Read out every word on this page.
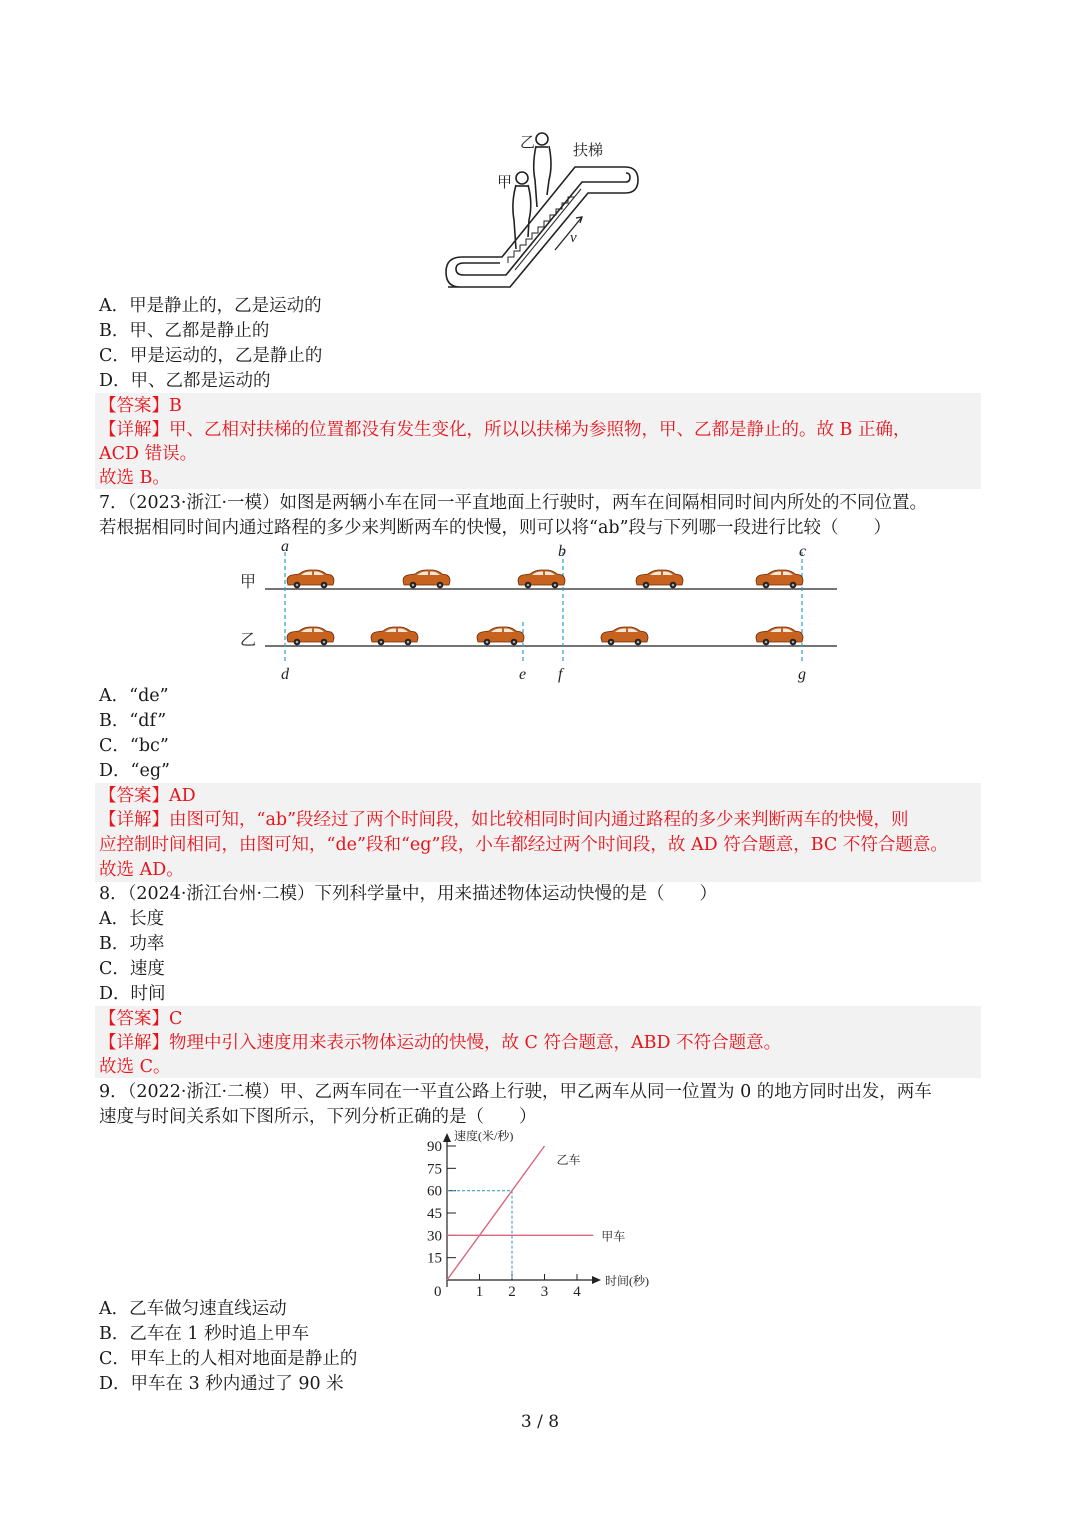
乙
甲
扶梯
v
A．甲是静止的，乙是运动的
B．甲、乙都是静止的
C．甲是运动的，乙是静止的
D．甲、乙都是运动的
【答案】B
【详解】甲、乙相对扶梯的位置都没有发生变化，所以以扶梯为参照物，甲、乙都是静止的。故 B 正确，
ACD 错误。
故选 B。
7．（2023·浙江·一模）如图是两辆小车在同一平直地面上行驶时，两车在间隔相同时间内所处的不同位置。
若根据相同时间内通过路程的多少来判断两车的快慢，则可以将“ab”段与下列哪一段进行比较（　　）
甲
乙
a	b	c
d	e f	g
A．“de”
B．“df”
C．“bc”
D．“eg”
【答案】AD
【详解】由图可知，“ab”段经过了两个时间段，如比较相同时间内通过路程的多少来判断两车的快慢，则
应控制时间相同，由图可知，“de”段和“eg”段，小车都经过两个时间段，故 AD 符合题意，BC 不符合题意。
故选 AD。
8．（2024·浙江台州·二模）下列科学量中，用来描述物体运动快慢的是（　　）
A．长度
B．功率
C．速度
D．时间
【答案】C
【详解】物理中引入速度用来表示物体运动的快慢，故 C 符合题意，ABD 不符合题意。
故选 C。
9．（2022·浙江·二模）甲、乙两车同在一平直公路上行驶，甲乙两车从同一位置为 0 的地方同时出发，两车
速度与时间关系如下图所示，下列分析正确的是（　　）
速度(米/秒)
时间(秒)
0
15
30
45
60
75
90
1 2 3 4
乙车
甲车
A．乙车做匀速直线运动
B．乙车在 1 秒时追上甲车
C．甲车上的人相对地面是静止的
D．甲车在 3 秒内通过了 90 米
3 / 8
